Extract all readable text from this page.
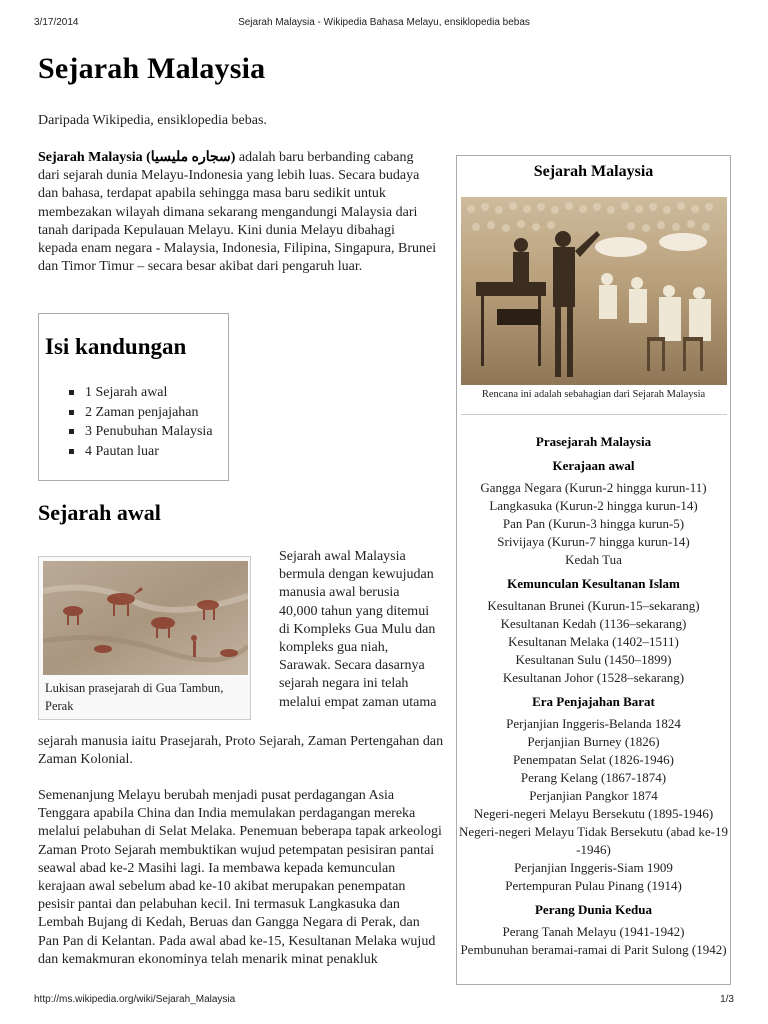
3/17/2014	Sejarah Malaysia - Wikipedia Bahasa Melayu, ensiklopedia bebas
http://ms.wikipedia.org/wiki/Sejarah_Malaysia	1/3
Sejarah Malaysia

Daripada Wikipedia, ensiklopedia bebas.

Sejarah Malaysia (سجاره مليسيا) adalah baru berbanding cabang dari sejarah dunia Melayu-Indonesia yang lebih luas. Secara budaya dan bahasa, terdapat apabila sehingga masa baru sedikit untuk membezakan wilayah dimana sekarang mengandungi Malaysia dari tanah daripada Kepulauan Melayu. Kini dunia Melayu dibahagi kepada enam negara - Malaysia, Indonesia, Filipina, Singapura, Brunei dan Timor Timur – secara besar akibat dari pengaruh luar.

Isi kandungan
1 Sejarah awal
2 Zaman penjajahan
3 Penubuhan Malaysia
4 Pautan luar
Sejarah awal
Lukisan prasejarah di Gua Tambun, Perak

Sejarah awal Malaysia bermula dengan kewujudan manusia awal berusia 40,000 tahun yang ditemui di Kompleks Gua Mulu dan kompleks gua niah, Sarawak. Secara dasarnya sejarah negara ini telah melalui empat zaman utama

sejarah manusia iaitu Prasejarah, Proto Sejarah, Zaman Pertengahan dan Zaman Kolonial.

Semenanjung Melayu berubah menjadi pusat perdagangan Asia Tenggara apabila China dan India memulakan perdagangan mereka melalui pelabuhan di Selat Melaka. Penemuan beberapa tapak arkeologi Zaman Proto Sejarah membuktikan wujud petempatan pesisiran pantai seawal abad ke-2 Masihi lagi. Ia membawa kepada kemunculan kerajaan awal sebelum abad ke-10 akibat merupakan penempatan pesisir pantai dan pelabuhan kecil. Ini termasuk Langkasuka dan Lembah Bujang di Kedah, Beruas dan Gangga Negara di Perak, dan Pan Pan di Kelantan. Pada awal abad ke-15, Kesultanan Melaka wujud dan kemakmuran ekonominya telah menarik minat penakluk

Sejarah Malaysia
Rencana ini adalah sebahagian dari Sejarah Malaysia
Prasejarah Malaysia
Kerajaan awal
Gangga Negara (Kurun-2 hingga kurun-11)
Langkasuka (Kurun-2 hingga kurun-14)
Pan Pan (Kurun-3 hingga kurun-5)
Srivijaya (Kurun-7 hingga kurun-14)
Kedah Tua
Kemunculan Kesultanan Islam
Kesultanan Brunei (Kurun-15–sekarang)
Kesultanan Kedah (1136–sekarang)
Kesultanan Melaka (1402–1511)
Kesultanan Sulu (1450–1899)
Kesultanan Johor (1528–sekarang)
Era Penjajahan Barat
Perjanjian Inggeris-Belanda 1824
Perjanjian Burney (1826)
Penempatan Selat (1826-1946)
Perang Kelang (1867-1874)
Perjanjian Pangkor 1874
Negeri-negeri Melayu Bersekutu (1895-1946)
Negeri-negeri Melayu Tidak Bersekutu (abad ke-19 -1946)
Perjanjian Inggeris-Siam 1909
Pertempuran Pulau Pinang (1914)
Perang Dunia Kedua
Perang Tanah Melayu (1941-1942)
Pembunuhan beramai-ramai di Parit Sulong (1942)
